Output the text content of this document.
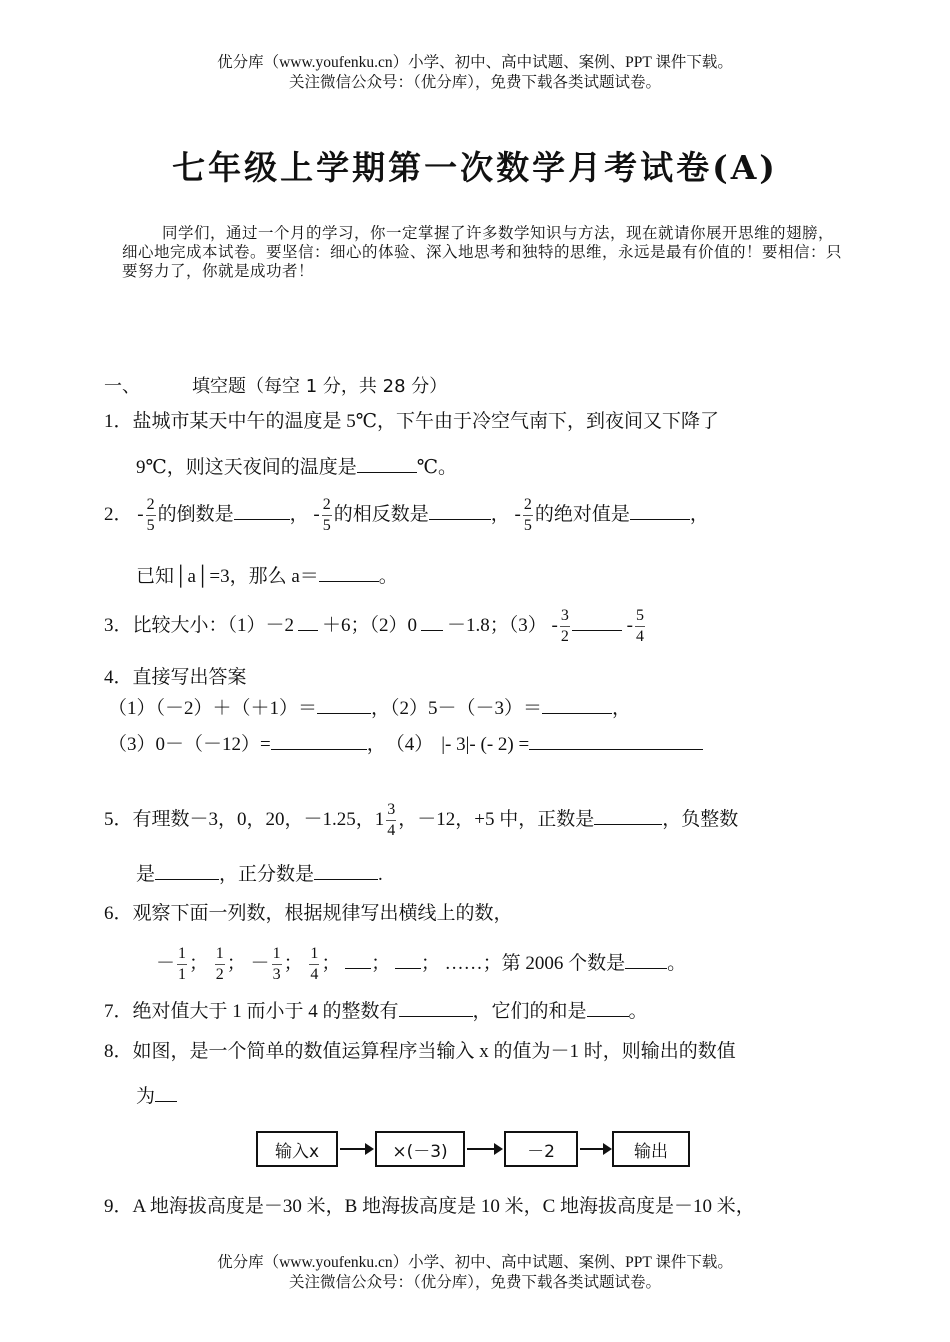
优分库（www.youfenku.cn）小学、初中、高中试题、案例、PPT 课件下载。
关注微信公众号：（优分库），免费下载各类试题试卷。
七年级上学期第一次数学月考试卷(A)
同学们，通过一个月的学习，你一定掌握了许多数学知识与方法，现在就请你展开思维的翅膀，细心地完成本试卷。要坚信：细心的体验、深入地思考和独特的思维，永远是最有价值的！要相信：只要努力了，你就是成功者！
一、	填空题（每空 1 分，共 28 分）
1．盐城市某天中午的温度是 5℃，下午由于冷空气南下，到夜间又下降了
9℃，则这天夜间的温度是	℃。
2． - $\frac{2}{5}$ 的倒数是	， - $\frac{2}{5}$ 的相反数是	， - $\frac{2}{5}$ 的绝对值是	，
已知│a│=3，那么 a＝	。
3．比较大小：（1）－2 ＋6；（2）0 －1.8；$(3) - \frac{3}{2}$	- $\frac{5}{4}$
4．直接写出答案
（1）（－2）＋（＋1）＝	，（2）5－（－3）＝	，
（3）0－（－12）=	，　（4） |- 3|- (- 2) =
5．有理数－3，0，20，－1.25，$1 \frac{3}{4}$ ，－12，+5 中，正数是	，负整数
是	，正分数是	.
6．观察下面一列数，根据规律写出横线上的数，
－ $\frac{1}{1}$ ； $\frac{1}{2}$ ； － $\frac{1}{3}$ ； $\frac{1}{4}$ ； ； ； ……；第 2006 个数是 。
7．绝对值大于 1 而小于 4 的整数有	，它们的和是 。
8．如图，是一个简单的数值运算程序当输入 x 的值为－1 时，则输出的数值
为
输入x	×(－3)	－2	输出
9．A 地海拔高度是－30 米，B 地海拔高度是 10 米，C 地海拔高度是－10 米，
优分库（www.youfenku.cn）小学、初中、高中试题、案例、PPT 课件下载。
关注微信公众号：（优分库），免费下载各类试题试卷。
